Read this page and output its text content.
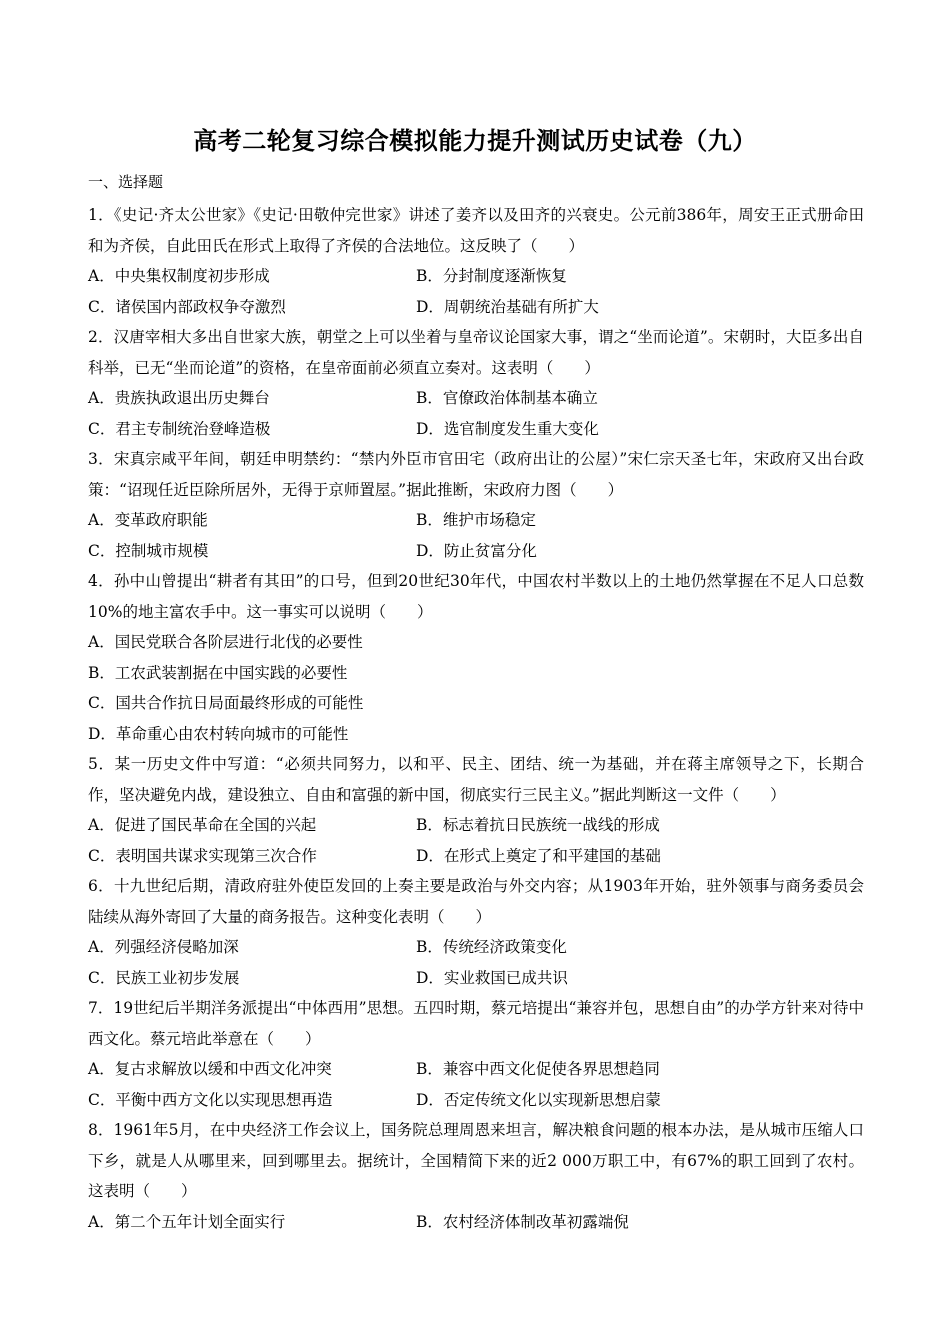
高考二轮复习综合模拟能力提升测试历史试卷（九）
一、选择题
1．《史记·齐太公世家》《史记·田敬仲完世家》讲述了姜齐以及田齐的兴衰史。公元前386年，周安王正式册命田和为齐侯，自此田氏在形式上取得了齐侯的合法地位。这反映了（　　）
A．中央集权制度初步形成	B．分封制度逐渐恢复
C．诸侯国内部政权争夺激烈	D．周朝统治基础有所扩大
2．汉唐宰相大多出自世家大族，朝堂之上可以坐着与皇帝议论国家大事，谓之“坐而论道”。宋朝时，大臣多出自科举，已无“坐而论道”的资格，在皇帝面前必须直立奏对。这表明（　　）
A．贵族执政退出历史舞台	B．官僚政治体制基本确立
C．君主专制统治登峰造极	D．选官制度发生重大变化
3．宋真宗咸平年间，朝廷申明禁约：“禁内外臣市官田宅（政府出让的公屋）”宋仁宗天圣七年，宋政府又出台政策：“诏现任近臣除所居外，无得于京师置屋。”据此推断，宋政府力图（　　）
A．变革政府职能	B．维护市场稳定
C．控制城市规模	D．防止贫富分化
4．孙中山曾提出“耕者有其田”的口号，但到20世纪30年代，中国农村半数以上的土地仍然掌握在不足人口总数10%的地主富农手中。这一事实可以说明（　　）
A．国民党联合各阶层进行北伐的必要性
B．工农武装割据在中国实践的必要性
C．国共合作抗日局面最终形成的可能性
D．革命重心由农村转向城市的可能性
5．某一历史文件中写道：“必须共同努力，以和平、民主、团结、统一为基础，并在蒋主席领导之下，长期合作，坚决避免内战，建设独立、自由和富强的新中国，彻底实行三民主义。”据此判断这一文件（　　）
A．促进了国民革命在全国的兴起	B．标志着抗日民族统一战线的形成
C．表明国共谋求实现第三次合作	D．在形式上奠定了和平建国的基础
6．十九世纪后期，清政府驻外使臣发回的上奏主要是政治与外交内容；从1903年开始，驻外领事与商务委员会陆续从海外寄回了大量的商务报告。这种变化表明（　　）
A．列强经济侵略加深	B．传统经济政策变化
C．民族工业初步发展	D．实业救国已成共识
7．19世纪后半期洋务派提出“中体西用”思想。五四时期，蔡元培提出“兼容并包，思想自由”的办学方针来对待中西文化。蔡元培此举意在（　　）
A．复古求解放以缓和中西文化冲突	B．兼容中西文化促使各界思想趋同
C．平衡中西方文化以实现思想再造	D．否定传统文化以实现新思想启蒙
8．1961年5月，在中央经济工作会议上，国务院总理周恩来坦言，解决粮食问题的根本办法，是从城市压缩人口下乡，就是人从哪里来，回到哪里去。据统计，全国精简下来的近2 000万职工中，有67%的职工回到了农村。这表明（　　）
A．第二个五年计划全面实行	B．农村经济体制改革初露端倪
